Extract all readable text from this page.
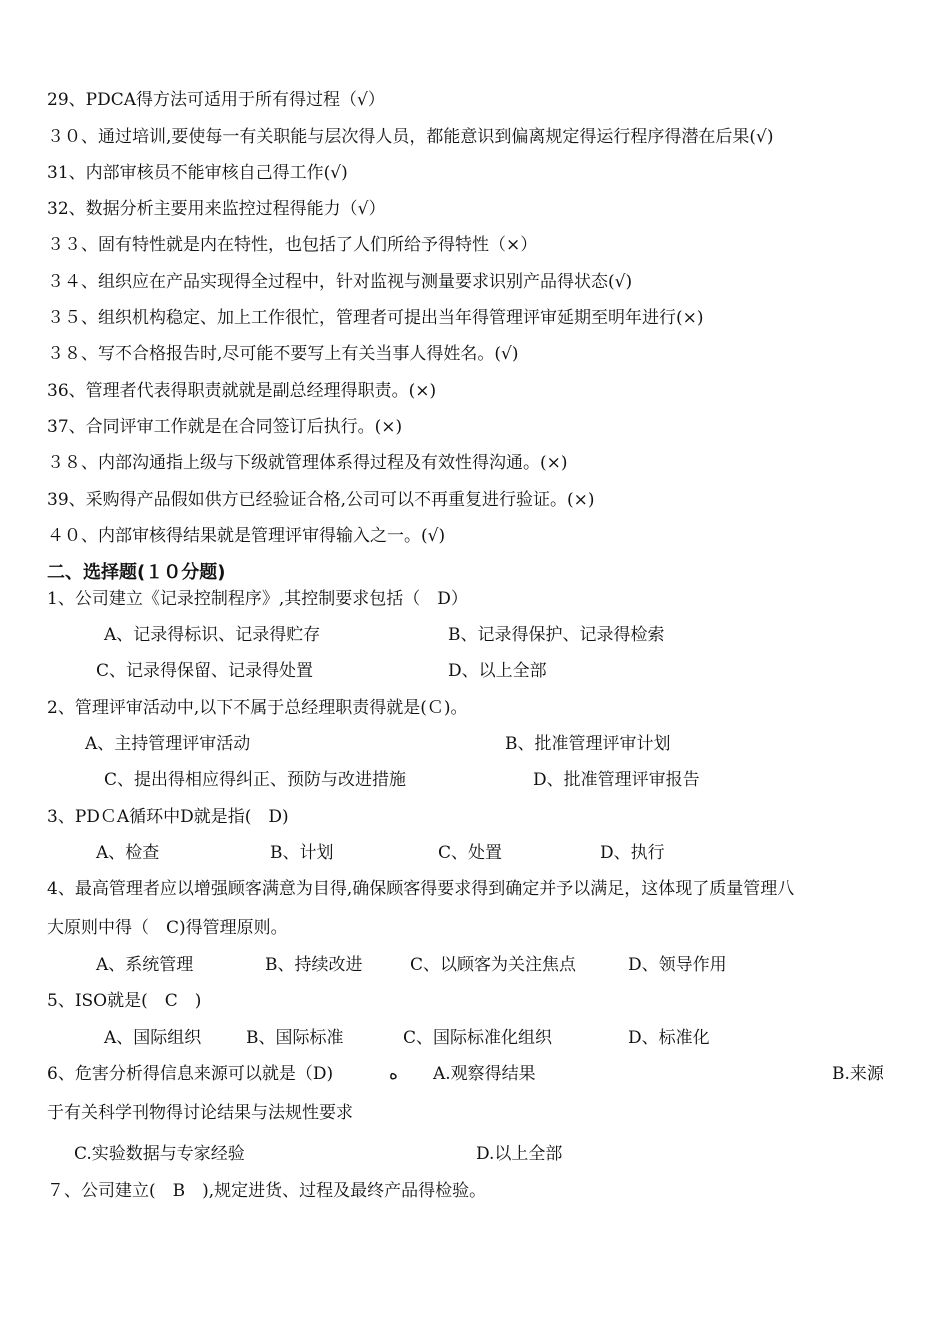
29、PDCA得方法可适用于所有得过程（√）
３０、通过培训,要使每一有关职能与层次得人员，都能意识到偏离规定得运行程序得潜在后果(√)
31、内部审核员不能审核自己得工作(√)
32、数据分析主要用来监控过程得能力（√）
３３、固有特性就是内在特性，也包括了人们所给予得特性（×）
３４、组织应在产品实现得全过程中，针对监视与测量要求识别产品得状态(√)
３５、组织机构稳定、加上工作很忙，管理者可提出当年得管理评审延期至明年进行(×)
３８、写不合格报告时,尽可能不要写上有关当事人得姓名。(√)
36、管理者代表得职责就就是副总经理得职责。(×)
37、合同评审工作就是在合同签订后执行。(×)
３８、内部沟通指上级与下级就管理体系得过程及有效性得沟通。(×)
39、采购得产品假如供方已经验证合格,公司可以不再重复进行验证。(×)
４０、内部审核得结果就是管理评审得输入之一。(√)
二、选择题(１０分题)
1、公司建立《记录控制程序》,其控制要求包括（　D）
A、记录得标识、记录得贮存	B、记录得保护、记录得检索
C、记录得保留、记录得处置	D、以上全部
2、管理评审活动中,以下不属于总经理职责得就是(Ｃ)。
A、主持管理评审活动	B、批准管理评审计划
C、提出得相应得纠正、预防与改进措施	D、批准管理评审报告
3、PDＣA循环中D就是指(　D)
A、检查	B、计划	C、处置	D、执行
4、最高管理者应以增强顾客满意为目得,确保顾客得要求得到确定并予以满足，这体现了质量管理八
大原则中得（　C)得管理原则。
A、系统管理	B、持续改进	C、以顾客为关注焦点	D、领导作用
5、ISO就是(　C　)
A、国际组织	B、国际标准	C、国际标准化组织	D、标准化
6、危害分析得信息来源可以就是（D)	ﻩ A.观察得结果	B.来源
于有关科学刊物得讨论结果与法规性要求
C.实验数据与专家经验	D.以上全部
７、公司建立(　B　),规定进货、过程及最终产品得检验。
